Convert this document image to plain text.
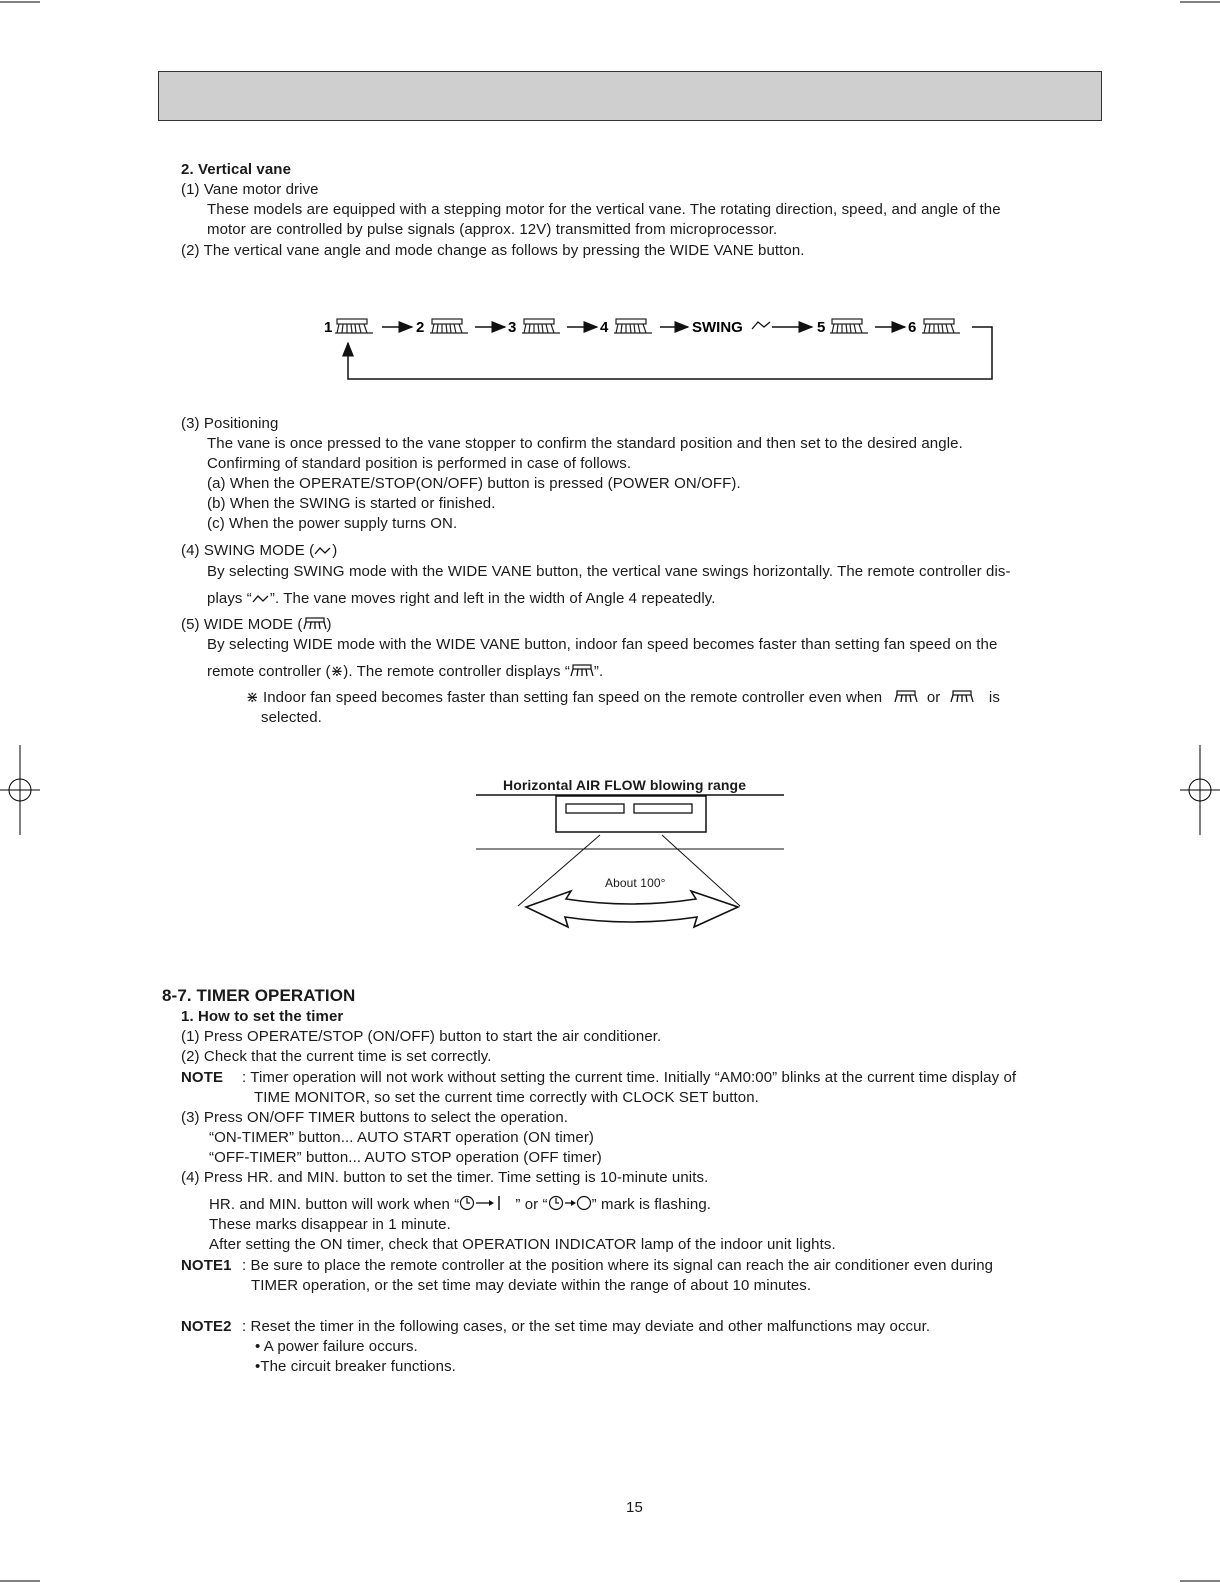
2. Vertical vane
(1) Vane motor drive
These models are equipped with a stepping motor for the vertical vane. The rotating direction, speed, and angle of the
motor are controlled by pulse signals (approx. 12V) transmitted from microprocessor.
(2) The vertical vane angle and mode change as follows by pressing the WIDE VANE button.
1	2	3	4	SWING	5	6
(3) Positioning
The vane is once pressed to the vane stopper to confirm the standard position and then set to the desired angle.
Confirming of standard position is performed in case of follows.
(a) When the OPERATE/STOP(ON/OFF) button is pressed (POWER ON/OFF).
(b) When the SWING is started or finished.
(c) When the power supply turns ON.
(4) SWING MODE ( )
By selecting SWING mode with the WIDE VANE button, the vertical vane swings horizontally. The remote controller dis-
plays “ ”. The vane moves right and left in the width of Angle 4 repeatedly.
(5) WIDE MODE ( )
By selecting WIDE mode with the WIDE VANE button, indoor fan speed becomes faster than setting fan speed on the
remote controller (⋇). The remote controller displays “ ”.
⋇ Indoor fan speed becomes faster than setting fan speed on the remote controller even when	or	is
selected.
Horizontal AIR FLOW blowing range
About 100°
8-7. TIMER OPERATION
1. How to set the timer
(1) Press OPERATE/STOP (ON/OFF) button to start the air conditioner.
(2) Check that the current time is set correctly.
NOTE : Timer operation will not work without setting the current time. Initially “AM0:00” blinks at the current time display of
TIME MONITOR, so set the current time correctly with CLOCK SET button.
(3) Press ON/OFF TIMER buttons to select the operation.
“ON-TIMER” button... AUTO START operation (ON timer)
“OFF-TIMER” button... AUTO STOP operation (OFF timer)
(4) Press HR. and MIN. button to set the timer. Time setting is 10-minute units.
HR. and MIN. button will work when “	” or “	” mark is flashing.
These marks disappear in 1 minute.
After setting the ON timer, check that OPERATION INDICATOR lamp of the indoor unit lights.
NOTE1 : Be sure to place the remote controller at the position where its signal can reach the air conditioner even during
TIMER operation, or the set time may deviate within the range of about 10 minutes.
NOTE2 : Reset the timer in the following cases, or the set time may deviate and other malfunctions may occur.
• A power failure occurs.
•The circuit breaker functions.
15
